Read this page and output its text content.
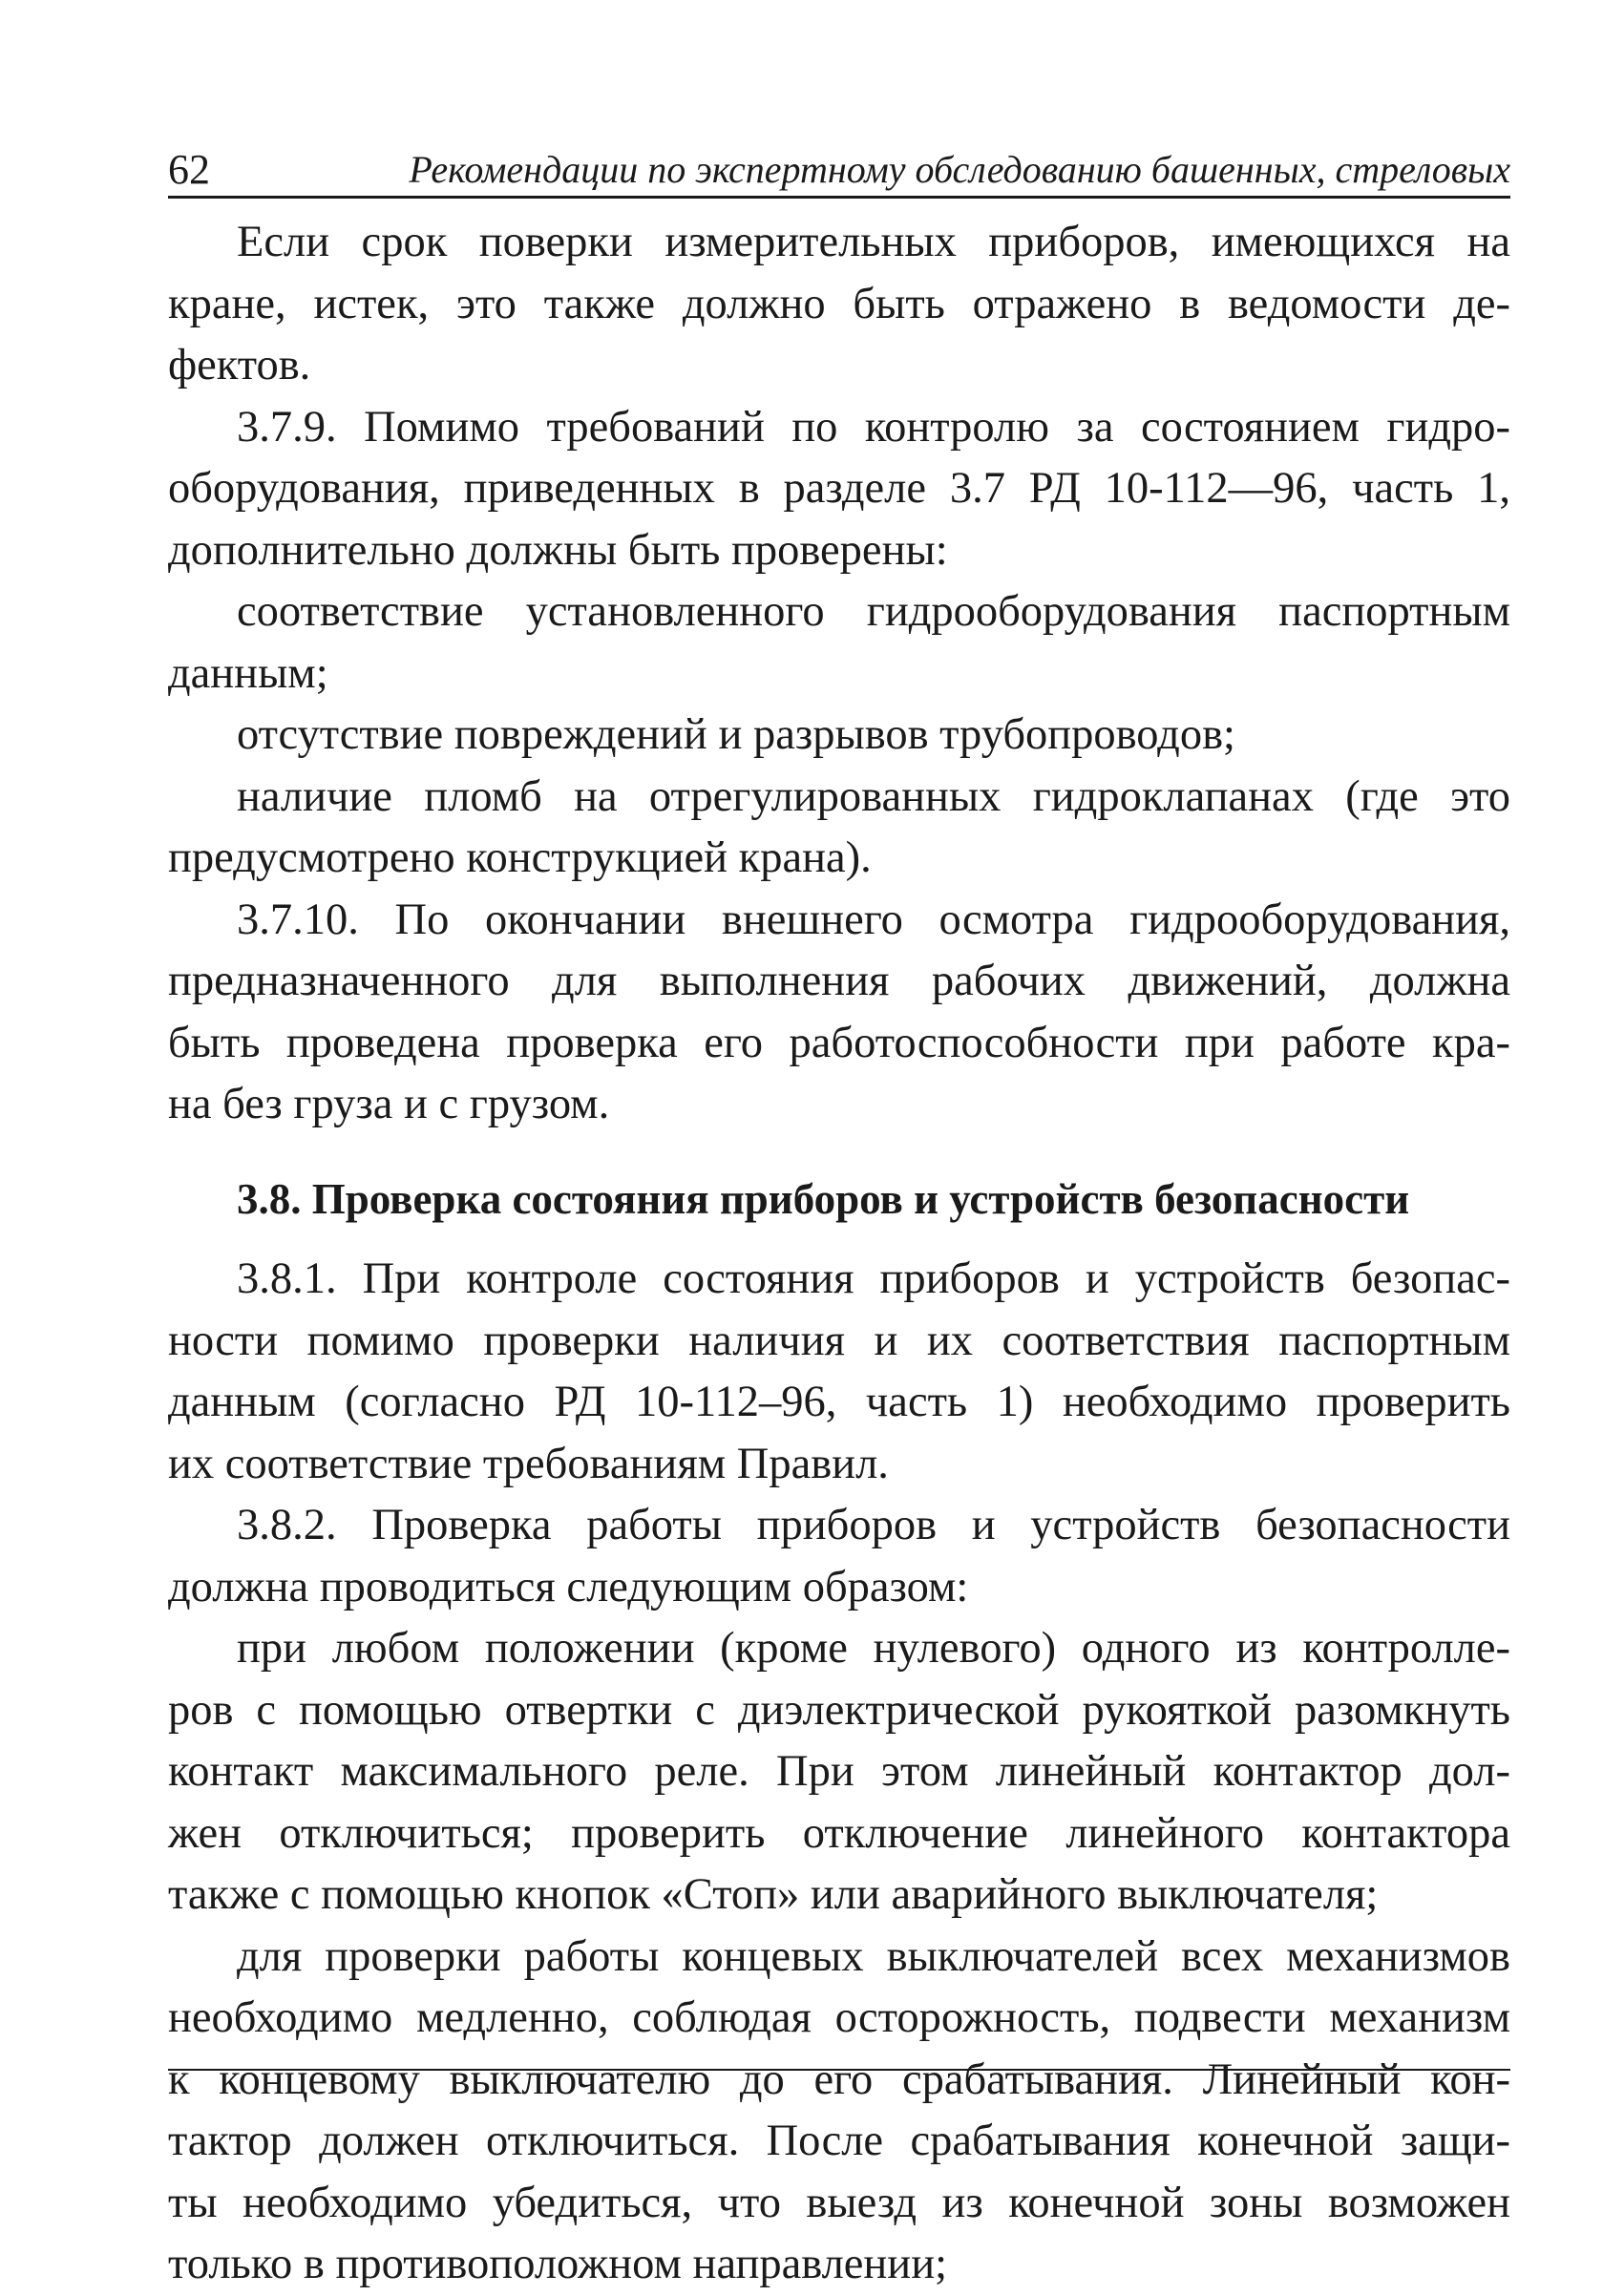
62	Рекомендации по экспертному обследованию башенных, стреловых
Если срок поверки измерительных приборов, имеющихся на
кране, истек, это также должно быть отражено в ведомости де-
фектов.
3.7.9. Помимо требований по контролю за состоянием гидро-
оборудования, приведенных в разделе 3.7 РД 10-112—96, часть 1,
дополнительно должны быть проверены:
соответствие установленного гидрооборудования паспортным
данным;
отсутствие повреждений и разрывов трубопроводов;
наличие пломб на отрегулированных гидроклапанах (где это
предусмотрено конструкцией крана).
3.7.10. По окончании внешнего осмотра гидрооборудования,
предназначенного для выполнения рабочих движений, должна
быть проведена проверка его работоспособности при работе кра-
на без груза и с грузом.
3.8. Проверка состояния приборов и устройств безопасности
3.8.1. При контроле состояния приборов и устройств безопас-
ности помимо проверки наличия и их соответствия паспортным
данным (согласно РД 10-112–96, часть 1) необходимо проверить
их соответствие требованиям Правил.
3.8.2. Проверка работы приборов и устройств безопасности
должна проводиться следующим образом:
при любом положении (кроме нулевого) одного из контролле-
ров с помощью отвертки с диэлектрической рукояткой разомкнуть
контакт максимального реле. При этом линейный контактор дол-
жен отключиться; проверить отключение линейного контактора
также с помощью кнопок «Стоп» или аварийного выключателя;
для проверки работы концевых выключателей всех механизмов
необходимо медленно, соблюдая осторожность, подвести механизм
к концевому выключателю до его срабатывания. Линейный кон-
тактор должен отключиться. После срабатывания конечной защи-
ты необходимо убедиться, что выезд из конечной зоны возможен
только в противоположном направлении;
